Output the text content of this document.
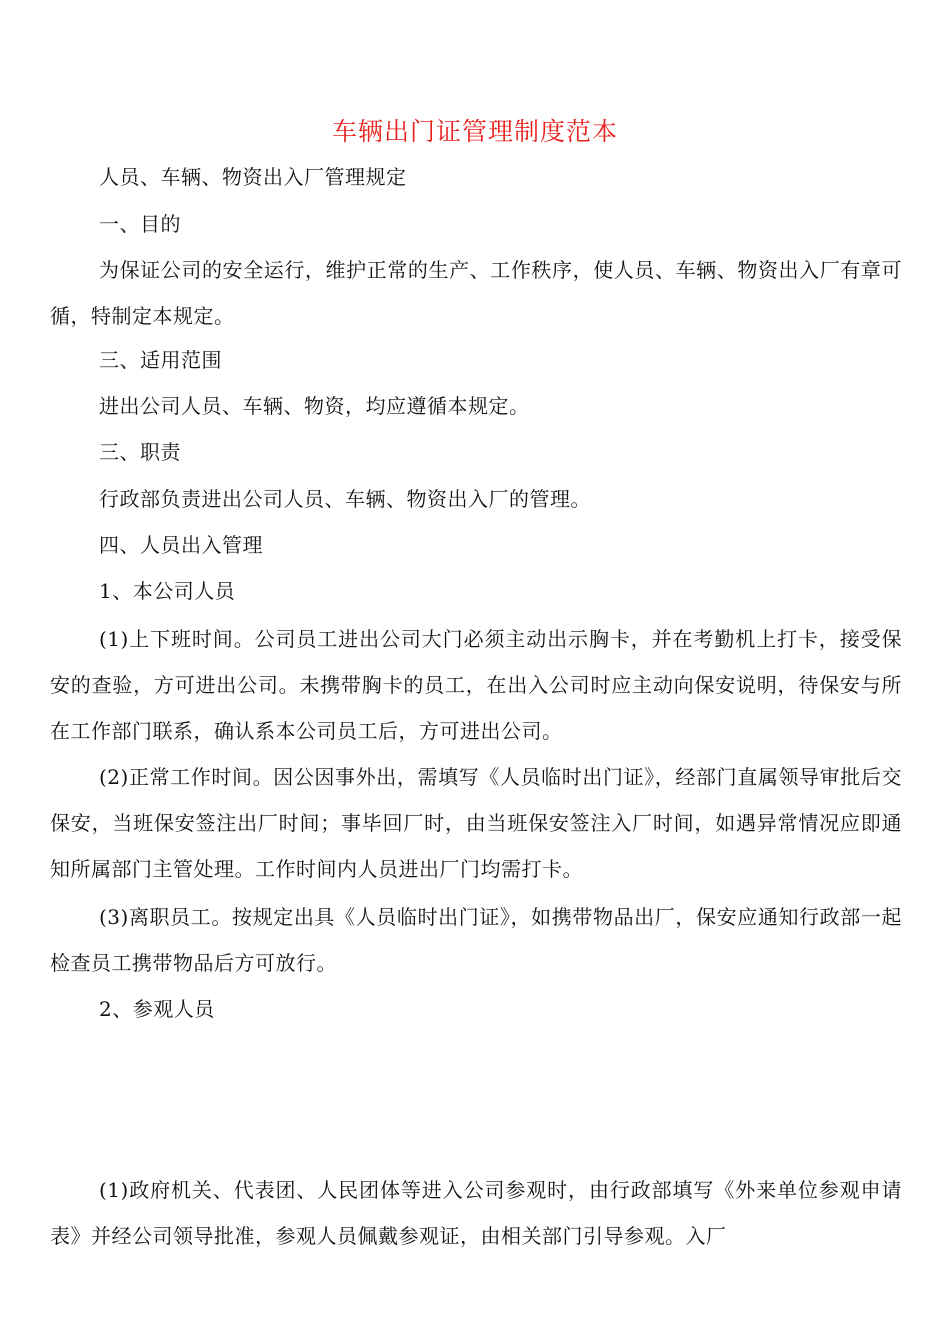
车辆出门证管理制度范本

人员、车辆、物资出入厂管理规定

一、目的

为保证公司的安全运行，维护正常的生产、工作秩序，使人员、车辆、物资出入厂有章可循，特制定本规定。

三、适用范围

进出公司人员、车辆、物资，均应遵循本规定。

三、职责

行政部负责进出公司人员、车辆、物资出入厂的管理。

四、人员出入管理

1、本公司人员

(1)上下班时间。公司员工进出公司大门必须主动出示胸卡，并在考勤机上打卡，接受保安的查验，方可进出公司。未携带胸卡的员工，在出入公司时应主动向保安说明，待保安与所在工作部门联系，确认系本公司员工后，方可进出公司。

(2)正常工作时间。因公因事外出，需填写《人员临时出门证》，经部门直属领导审批后交保安，当班保安签注出厂时间；事毕回厂时，由当班保安签注入厂时间，如遇异常情况应即通知所属部门主管处理。工作时间内人员进出厂门均需打卡。

(3)离职员工。按规定出具《人员临时出门证》，如携带物品出厂，保安应通知行政部一起检查员工携带物品后方可放行。

2、参观人员

(1)政府机关、代表团、人民团体等进入公司参观时，由行政部填写《外来单位参观申请表》并经公司领导批准，参观人员佩戴参观证，由相关部门引导参观。入厂
